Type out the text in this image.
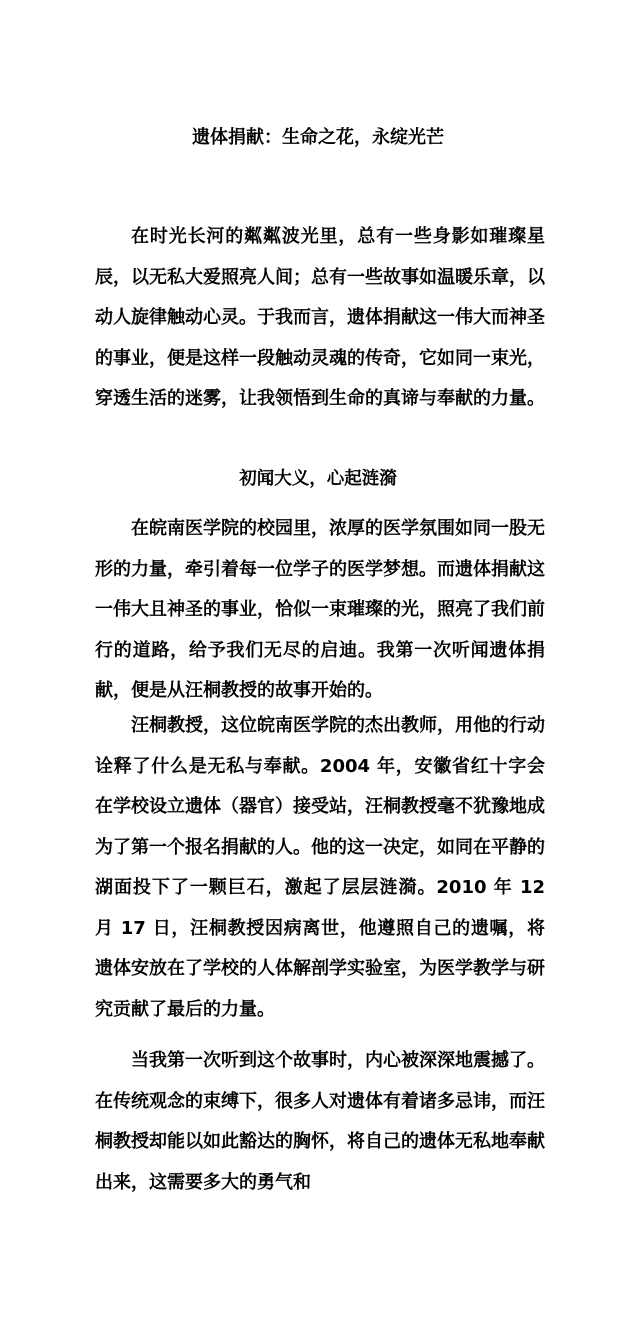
遗体捐献：生命之花，永绽光芒

在时光长河的粼粼波光里，总有一些身影如璀璨星辰，以无私大爱照亮人间；总有一些故事如温暖乐章，以动人旋律触动心灵。于我而言，遗体捐献这一伟大而神圣的事业，便是这样一段触动灵魂的传奇，它如同一束光，穿透生活的迷雾，让我领悟到生命的真谛与奉献的力量。

初闻大义，心起涟漪

在皖南医学院的校园里，浓厚的医学氛围如同一股无形的力量，牵引着每一位学子的医学梦想。而遗体捐献这一伟大且神圣的事业，恰似一束璀璨的光，照亮了我们前行的道路，给予我们无尽的启迪。我第一次听闻遗体捐献，便是从汪桐教授的故事开始的。

汪桐教授，这位皖南医学院的杰出教师，用他的行动诠释了什么是无私与奉献。2004 年，安徽省红十字会在学校设立遗体（器官）接受站，汪桐教授毫不犹豫地成为了第一个报名捐献的人。他的这一决定，如同在平静的湖面投下了一颗巨石，激起了层层涟漪。2010 年 12 月 17 日，汪桐教授因病离世，他遵照自己的遗嘱，将遗体安放在了学校的人体解剖学实验室，为医学教学与研究贡献了最后的力量。

当我第一次听到这个故事时，内心被深深地震撼了。在传统观念的束缚下，很多人对遗体有着诸多忌讳，而汪桐教授却能以如此豁达的胸怀，将自己的遗体无私地奉献出来，这需要多大的勇气和
